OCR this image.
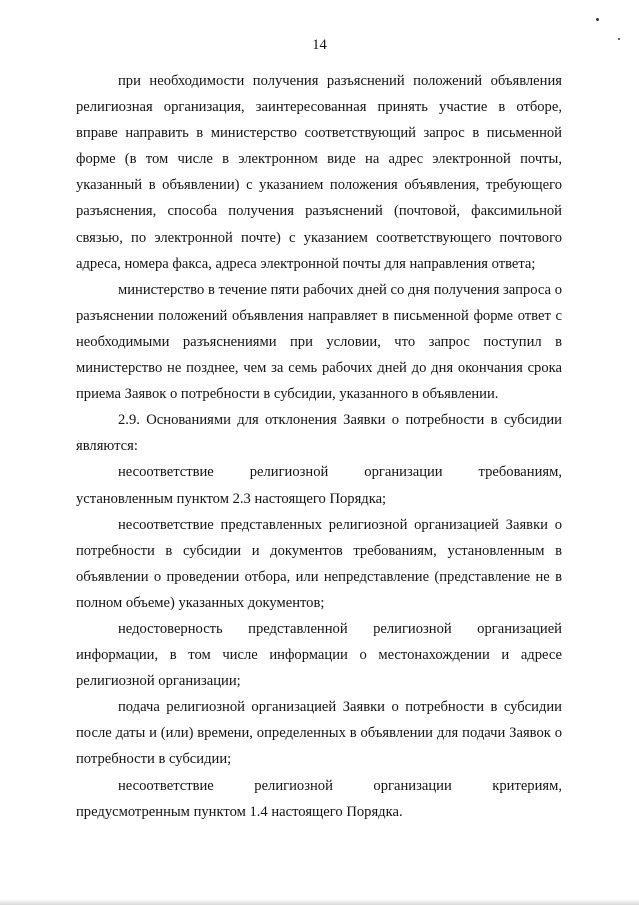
14

при необходимости получения разъяснений положений объявления религиозная организация, заинтересованная принять участие в отборе, вправе направить в министерство соответствующий запрос в письменной форме (в том числе в электронном виде на адрес электронной почты, указанный в объявлении) с указанием положения объявления, требующего разъяснения, способа получения разъяснений (почтовой, факсимильной связью, по электронной почте) с указанием соответствующего почтового адреса, номера факса, адреса электронной почты для направления ответа;

министерство в течение пяти рабочих дней со дня получения запроса о разъяснении положений объявления направляет в письменной форме ответ с необходимыми разъяснениями при условии, что запрос поступил в министерство не позднее, чем за семь рабочих дней до дня окончания срока приема Заявок о потребности в субсидии, указанного в объявлении.

2.9. Основаниями для отклонения Заявки о потребности в субсидии являются:

несоответствие религиозной организации требованиям, установленным пунктом 2.3 настоящего Порядка;

несоответствие представленных религиозной организацией Заявки о потребности в субсидии и документов требованиям, установленным в объявлении о проведении отбора, или непредставление (представление не в полном объеме) указанных документов;

недостоверность представленной религиозной организацией информации, в том числе информации о местонахождении и адресе религиозной организации;

подача религиозной организацией Заявки о потребности в субсидии после даты и (или) времени, определенных в объявлении для подачи Заявок о потребности в субсидии;

несоответствие религиозной организации критериям, предусмотренным пунктом 1.4 настоящего Порядка.
